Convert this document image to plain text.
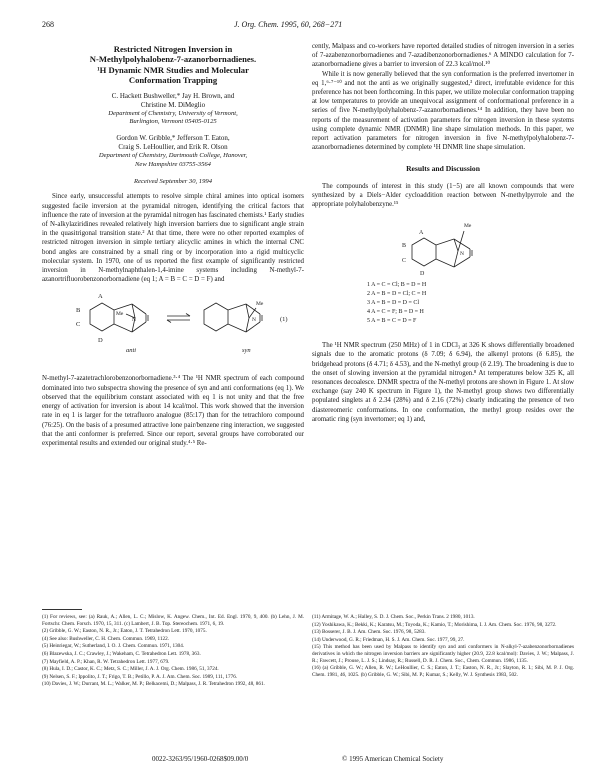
268	J. Org. Chem. 1995, 60, 268−271
Restricted Nitrogen Inversion in
N-Methylpolyhalobenz-7-azanorbornadienes.
¹H Dynamic NMR Studies and Molecular
Conformation Trapping
C. Hackett Bushweller,* Jay H. Brown, and
Christine M. DiMeglio
Department of Chemistry, University of Vermont,
Burlington, Vermont 05405-0125
Gordon W. Gribble,* Jefferson T. Eaton,
Craig S. LeHoullier, and Erik R. Olson
Department of Chemistry, Dartmouth College, Hanover,
New Hampshire 03755-3564
Received September 30, 1994

Since early, unsuccessful attempts to resolve simple chiral amines into optical isomers suggested facile inversion at the pyramidal nitrogen, identifying the critical factors that influence the rate of inversion at the pyramidal nitrogen has fascinated chemists.¹ Early studies of N-alkylaziridines revealed relatively high inversion barriers due to significant angle strain in the quasitrigonal transition state.² At that time, there were no other reported examples of restricted nitrogen inversion in simple tertiary alicyclic amines in which the internal CNC bond angles are constrained by a small ring or by incorporation into a rigid multicyclic molecular system. In 1970, one of us reported the first example of significantly restricted inversion in N-methylnaphthalen-1,4-imine systems including N-methyl-7-azanortrifluorobenzonorbornadiene (eq 1; A = B = C = D = F) and

B
C
D
A
N
Me
anti	syn
N
Me
(1)

N-methyl-7-azatetrachlorobenzonorbornadiene.³·⁴ The ¹H NMR spectrum of each compound dominated into two subspectra showing the presence of syn and anti conformations (eq 1). We observed that the equilibrium constant associated with eq 1 is not unity and that the free energy of activation for inversion is about 14 kcal/mol. This work showed that the inversion rate in eq 1 is larger for the tetrafluoro analogue (85:17) than for the tetrachloro compound (76:25). On the basis of a presumed attractive lone pair/benzene ring interaction, we suggested that the anti conformer is preferred. Since our report, several groups have corroborated our experimental results and extended our original study.⁴·⁵ Re-

cently, Malpass and co-workers have reported detailed studies of nitrogen inversion in a series of 7-azabenzonorbornadienes and 7-azadibenzonorbornadienes.⁶ A MINDO calculation for 7-azanorbornadiene gives a barrier to inversion of 22.3 kcal/mol.¹⁰

While it is now generally believed that the syn conformation is the preferred invertomer in eq 1,⁶·⁷⁻¹⁰ and not the anti as we originally suggested,³ direct, irrefutable evidence for this preference has not been forthcoming. In this paper, we utilize molecular conformation trapping at low temperatures to provide an unequivocal assignment of conformational preference in a series of five N-methylpolyhalobenz-7-azanorbornadienes.¹⁴ In addition, they have been no reports of the measurement of activation parameters for nitrogen inversion in these systems using complete dynamic NMR (DNMR) line shape simulation methods. In this paper, we report activation parameters for nitrogen inversion in five N-methylpolyhalobenz-7-azanorbornadienes determined by complete ¹H DNMR line shape simulation.

Results and Discussion

The compounds of interest in this study (1−5) are all known compounds that were synthesized by a Diels−Alder cycloaddition reaction between N-methylpyrrole and the appropriate polyhalobenzyne.¹⁵

A
B
C
D
N
Me
1 A = C = Cl; B = D = H
2 A = B = D = Cl; C = H
3 A = B = D = D = Cl
4 A = C = F; B = D = H
5 A = B = C = D = F

The ¹H NMR spectrum (250 MHz) of 1 in CDCl₃ at 326 K shows differentially broadened signals due to the aromatic protons (δ 7.09; δ 6.94), the alkenyl protons (δ 6.85), the bridgehead protons (δ 4.71; δ 4.53), and the N-methyl group (δ 2.19). The broadening is due to the onset of slowing inversion at the pyramidal nitrogen.⁸ At temperatures below 325 K, all resonances decoalesce. DNMR spectra of the N-methyl protons are shown in Figure 1. At slow exchange (say 240 K spectrum in Figure 1), the N-methyl group shows two differentially populated singlets at δ 2.34 (28%) and δ 2.16 (72%) clearly indicating the presence of two diastereomeric conformations. In one conformation, the methyl group resides over the aromatic ring (syn invertomer; eq 1) and,

(1) For reviews, see: (a) Rauk, A.; Allen, L. C.; Mislow, K. Angew. Chem., Int. Ed. Engl. 1970, 9, 400. (b) Lehn, J. M. Fortschr. Chem. Forsch. 1970, 15, 311. (c) Lambert, J. B. Top. Stereochem. 1971, 6, 19.
(2) Gribble, G. W.; Easton, N. R., Jr.; Eaton, J. T. Tetrahedron Lett. 1970, 1075.
(4) See also: Bushweller, C. H. Chem. Commun. 1969, 1122.
(5) Heinriegar, W.; Sutherland, I. O. J. Chem. Commun. 1971, 1304.
(6) Blazewska, J. C.; Crawley, J.; Wakeham, C. Tetrahedron Lett. 1978, 363.
(7) Mayfield, A. P.; Khan, R. W. Tetrahedron Lett. 1977, 679.
(8) Hula, I. D.; Castor, K. C.; Metz, S. C.; Miller, J. A. J. Org. Chem. 1986, 51, 3724.
(9) Nelsen, S. F.; Ippolito, J. T.; Frigo, T. B.; Petillo, P. A. J. Am. Chem. Soc. 1989, 111, 1776.
(10) Davies, J. W.; Durrant, M. L.; Walker, M. P.; Belkacemi, D.; Malpass, J. R. Tetrahedron 1992, 48, 861.
(11) Armitage, W. A.; Halley, S. D. J. Chem. Soc., Perkin Trans. 2 1980, 1013.
(12) Yoshikawa, K.; Bekki, K.; Karatsu, M.; Toyoda, K.; Kamio, T.; Morishima, I. J. Am. Chem. Soc. 1976, 98, 3272.
(13) Bosserer, J. B. J. Am. Chem. Soc. 1976, 98, 5283.
(14) Underwood, G. R.; Friedman, H. S. J. Am. Chem. Soc. 1977, 99, 27.
(15) This method has been used by Malpass to identify syn and anti conformers in N-alkyl-7-azabenzonorbornadienes derivatives in which the nitrogen inversion barriers are significantly higher (20.9, 22.8 kcal/mol): Davies, J. W.; Malpass, J. R.; Fawcett, J.; Prouse, L. J. S.; Lindsay, R.; Russell, D. R. J. Chem. Soc., Chem. Commun. 1986, 1135.
(16) (a) Gribble, G. W.; Allen, R. W.; LeHoullier, C. S.; Eaton, J. T.; Easton, N. R., Jr.; Slayton, R. I.; Sibi, M. P. J. Org. Chem. 1981, 46, 1025. (b) Gribble, G. W.; Sibi, M. P.; Kumar, S.; Kelly, W. J. Synthesis 1983, 502.
0022-3263/95/1960-0268$09.00/0	© 1995 American Chemical Society
